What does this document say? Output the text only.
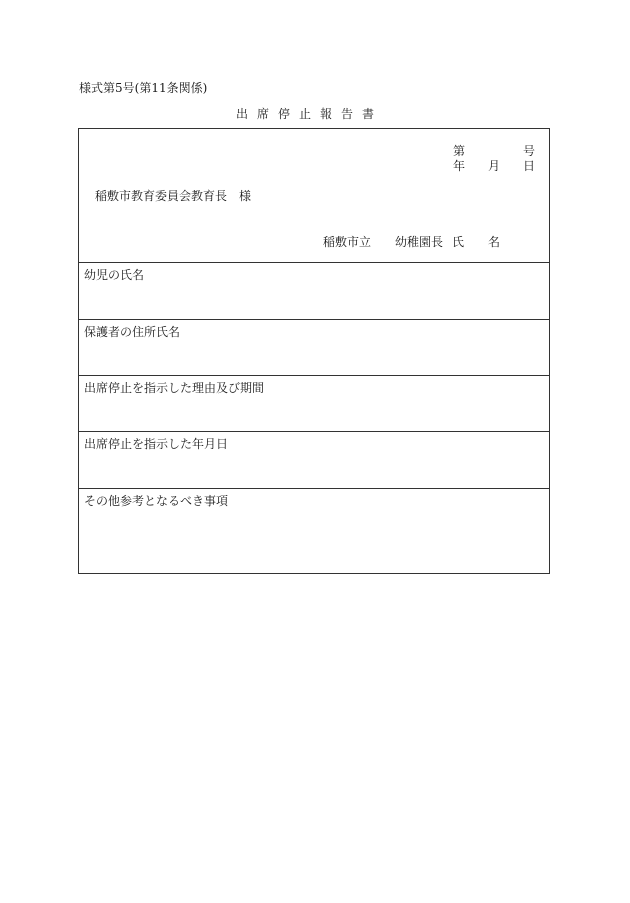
様式第5号(第11条関係)
出席停止報告書
第	号
年 月 日
稲敷市教育委員会教育長　様
稲敷市立　　幼稚園長 氏　　名
幼児の氏名
保護者の住所氏名
出席停止を指示した理由及び期間
出席停止を指示した年月日
その他参考となるべき事項
